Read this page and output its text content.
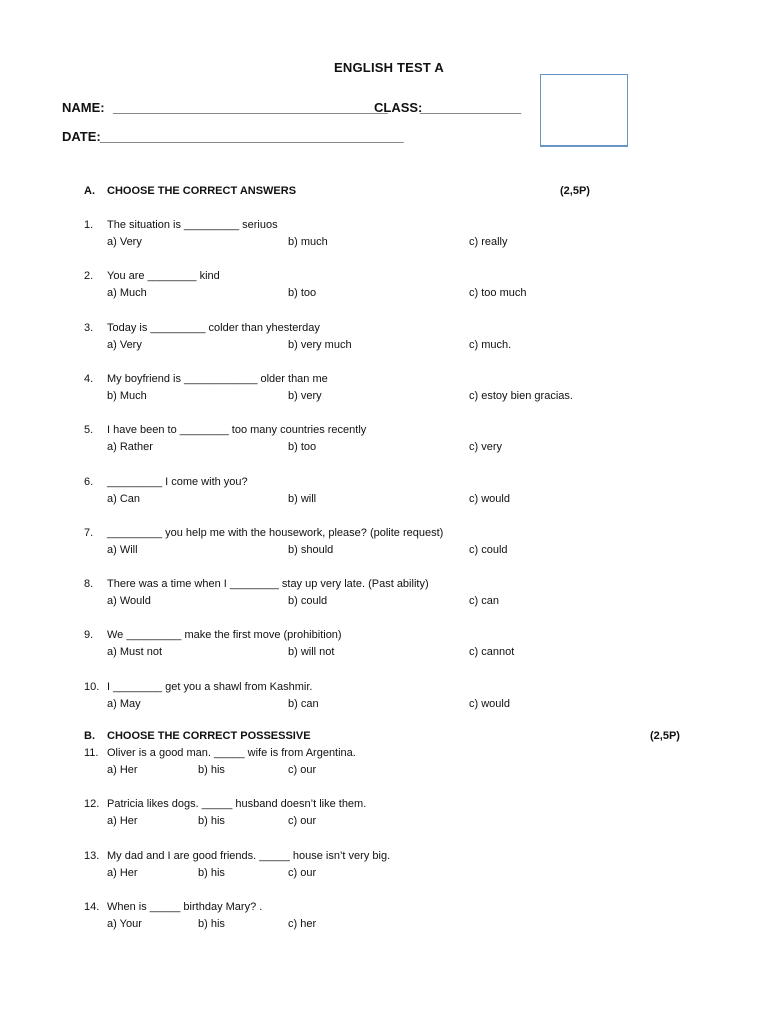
ENGLISH TEST A
NAME: ______________________________________
CLASS:
______________
DATE: __________________________________________
A. CHOOSE THE CORRECT ANSWERS	(2,5P)
1. The situation is _________ seriuos
a) Very	b) much	c) really
2. You are ________ kind
a) Much	b) too	c) too much
3. Today is _________ colder than yhesterday
a) Very	b) very much	c) much.
4. My boyfriend is ____________ older than me
b) Much	b) very	c) estoy bien gracias.
5. I have been to ________ too many countries recently
a) Rather	b) too	c) very
6. _________ I come with you?
a) Can	b) will	c) would
7. _________ you help me with the housework, please? (polite request)
a) Will	b) should	c) could
8. There was a time when I ________ stay up very late. (Past ability)
a) Would	b) could	c) can
9. We _________ make the first move (prohibition)
a) Must not	b) will not	c) cannot
10. I ________ get you a shawl from Kashmir.
a) May	b) can	c) would
B. CHOOSE THE CORRECT POSSESSIVE	(2,5P)
11. Oliver is a good man. _____ wife is from Argentina.
a) Her	b) his	c) our
12. Patricia likes dogs. _____ husband doesn’t like them.
a) Her	b) his	c) our
13. My dad and I are good friends. _____ house isn’t very big.
a) Her	b) his	c) our
14. When is _____ birthday Mary? .
a) Your	b) his	c) her
